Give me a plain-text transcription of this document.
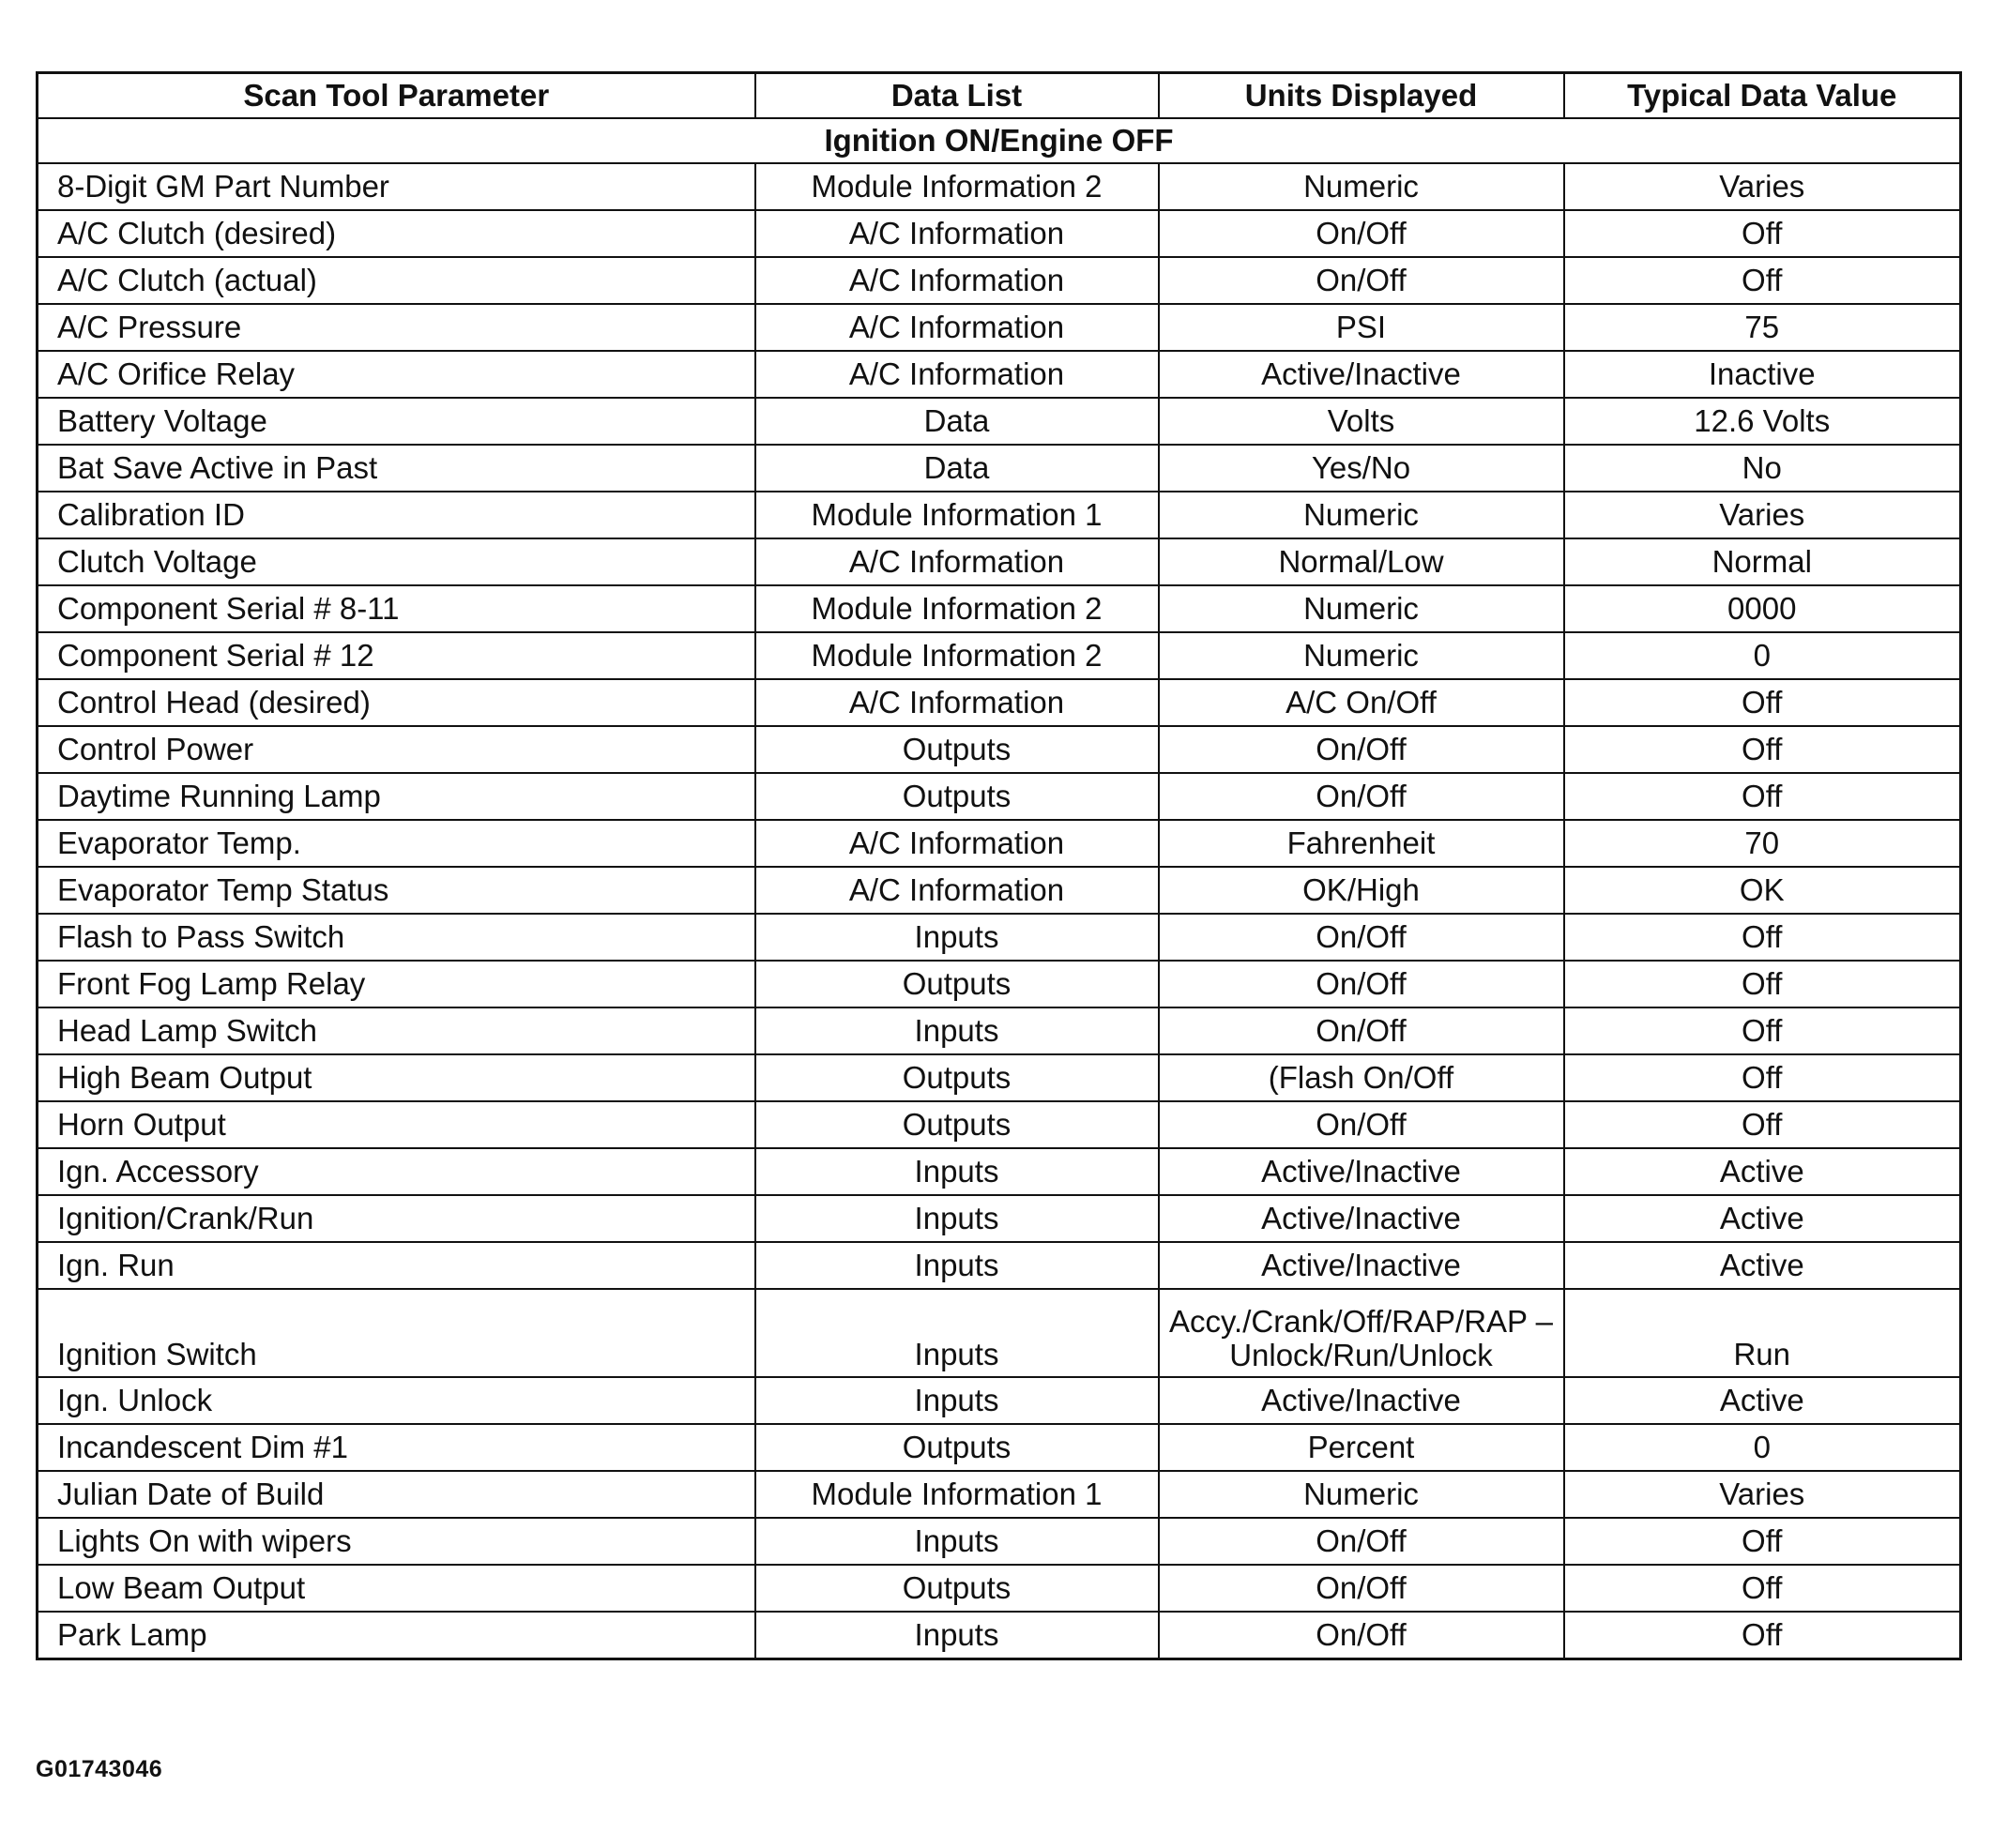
Scan Tool Parameter	Data List	Units Displayed	Typical Data Value
Ignition ON/Engine OFF			
8-Digit GM Part Number	Module Information 2	Numeric	Varies
A/C Clutch (desired)	A/C Information	On/Off	Off
A/C Clutch (actual)	A/C Information	On/Off	Off
A/C Pressure	A/C Information	PSI	75
A/C Orifice Relay	A/C Information	Active/Inactive	Inactive
Battery Voltage	Data	Volts	12.6 Volts
Bat Save Active in Past	Data	Yes/No	No
Calibration ID	Module Information 1	Numeric	Varies
Clutch Voltage	A/C Information	Normal/Low	Normal
Component Serial # 8-11	Module Information 2	Numeric	0000
Component Serial # 12	Module Information 2	Numeric	0
Control Head (desired)	A/C Information	A/C On/Off	Off
Control Power	Outputs	On/Off	Off
Daytime Running Lamp	Outputs	On/Off	Off
Evaporator Temp.	A/C Information	Fahrenheit	70
Evaporator Temp Status	A/C Information	OK/High	OK
Flash to Pass Switch	Inputs	On/Off	Off
Front Fog Lamp Relay	Outputs	On/Off	Off
Head Lamp Switch	Inputs	On/Off	Off
High Beam Output	Outputs	(Flash On/Off	Off
Horn Output	Outputs	On/Off	Off
Ign. Accessory	Inputs	Active/Inactive	Active
Ignition/Crank/Run	Inputs	Active/Inactive	Active
Ign. Run	Inputs	Active/Inactive	Active
Ignition Switch	Inputs	Accy./Crank/Off/RAP/RAP –Unlock/Run/Unlock	Run
Ign. Unlock	Inputs	Active/Inactive	Active
Incandescent Dim #1	Outputs	Percent	0
Julian Date of Build	Module Information 1	Numeric	Varies
Lights On with wipers	Inputs	On/Off	Off
Low Beam Output	Outputs	On/Off	Off
Park Lamp	Inputs	On/Off	Off
G01743046
